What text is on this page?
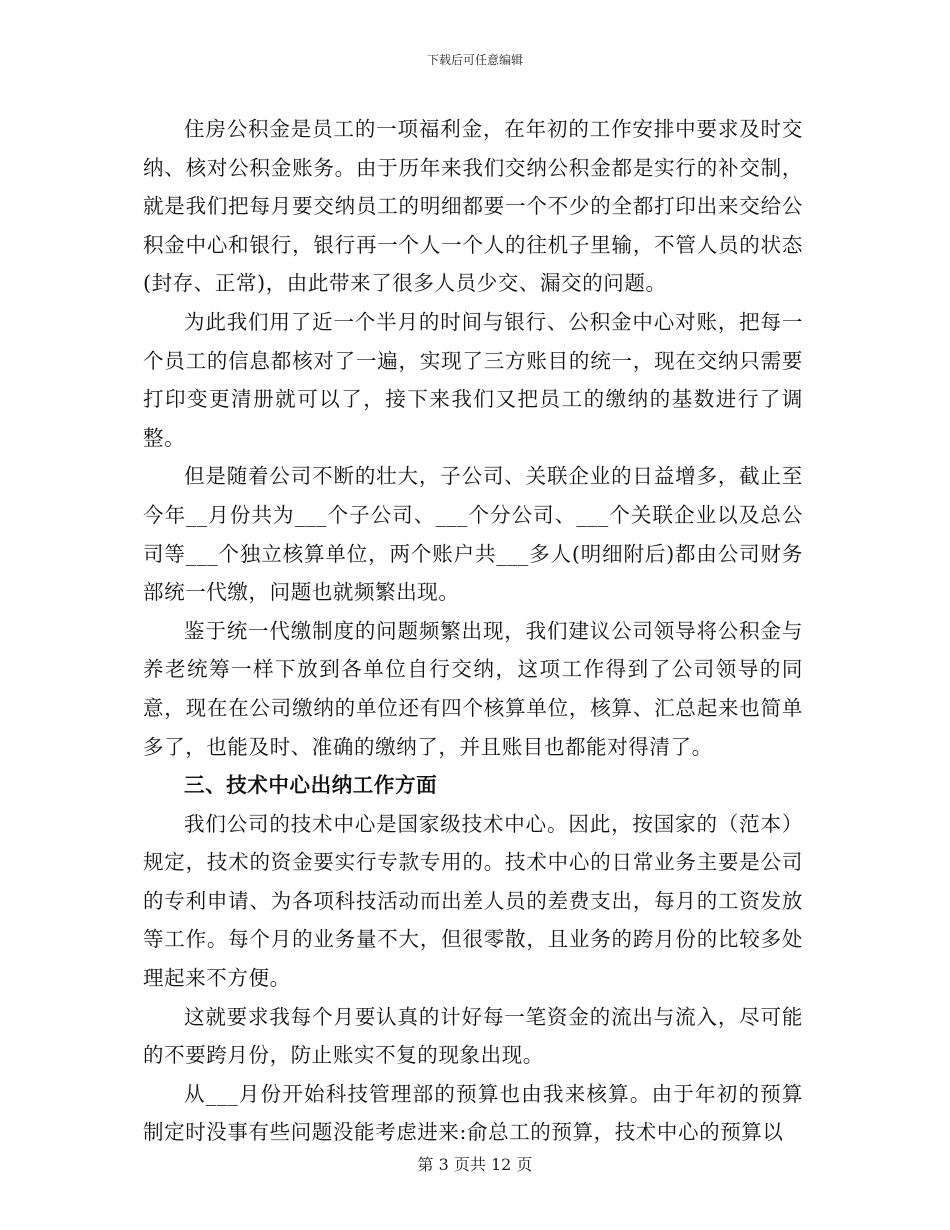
下载后可任意编辑

住房公积金是员工的一项福利金，在年初的工作安排中要求及时交纳、核对公积金账务。由于历年来我们交纳公积金都是实行的补交制，就是我们把每月要交纳员工的明细都要一个不少的全都打印出来交给公积金中心和银行，银行再一个人一个人的往机子里输，不管人员的状态(封存、正常)，由此带来了很多人员少交、漏交的问题。

为此我们用了近一个半月的时间与银行、公积金中心对账，把每一个员工的信息都核对了一遍，实现了三方账目的统一，现在交纳只需要打印变更清册就可以了，接下来我们又把员工的缴纳的基数进行了调整。

但是随着公司不断的壮大，子公司、关联企业的日益增多，截止至今年__月份共为___个子公司、___个分公司、___个关联企业以及总公司等___个独立核算单位，两个账户共___多人(明细附后)都由公司财务部统一代缴，问题也就频繁出现。

鉴于统一代缴制度的问题频繁出现，我们建议公司领导将公积金与养老统筹一样下放到各单位自行交纳，这项工作得到了公司领导的同意，现在在公司缴纳的单位还有四个核算单位，核算、汇总起来也简单多了，也能及时、准确的缴纳了，并且账目也都能对得清了。

三、技术中心出纳工作方面

我们公司的技术中心是国家级技术中心。因此，按国家的（范本）规定，技术的资金要实行专款专用的。技术中心的日常业务主要是公司的专利申请、为各项科技活动而出差人员的差费支出，每月的工资发放等工作。每个月的业务量不大，但很零散，且业务的跨月份的比较多处理起来不方便。

这就要求我每个月要认真的计好每一笔资金的流出与流入，尽可能的不要跨月份，防止账实不复的现象出现。

从___月份开始科技管理部的预算也由我来核算。由于年初的预算制定时没事有些问题没能考虑进来:俞总工的预算，技术中心的预算以

第 3 页共 12 页
